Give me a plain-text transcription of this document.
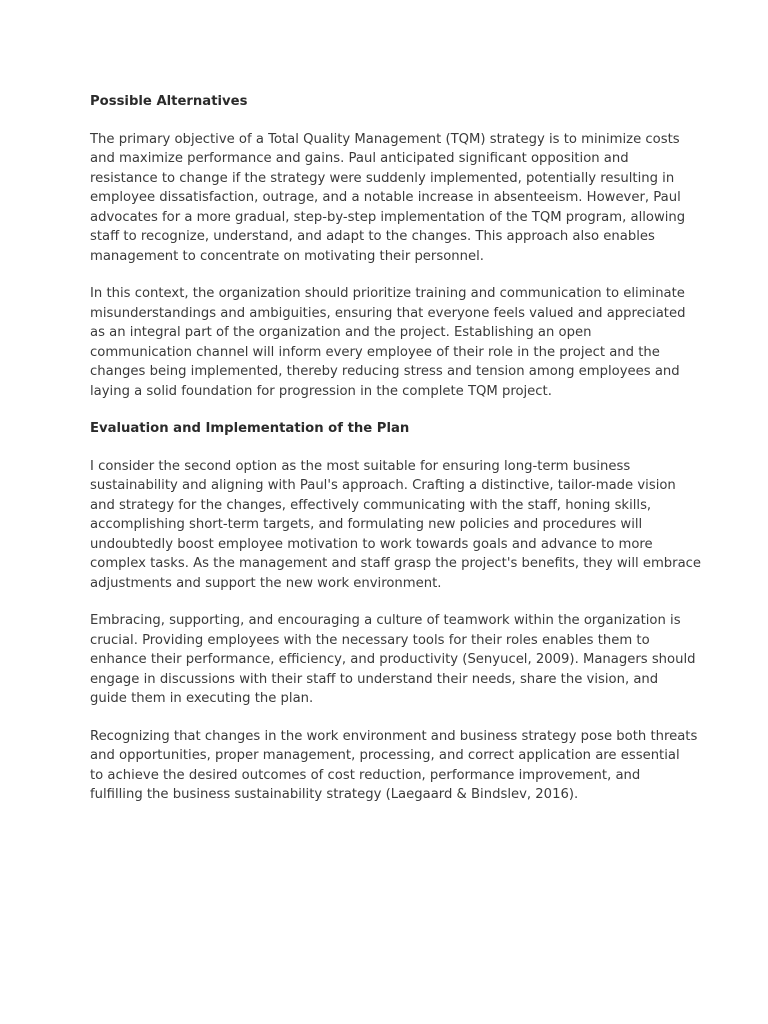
Possible Alternatives
The primary objective of a Total Quality Management (TQM) strategy is to minimize costs
and maximize performance and gains. Paul anticipated significant opposition and
resistance to change if the strategy were suddenly implemented, potentially resulting in
employee dissatisfaction, outrage, and a notable increase in absenteeism. However, Paul
advocates for a more gradual, step-by-step implementation of the TQM program, allowing
staff to recognize, understand, and adapt to the changes. This approach also enables
management to concentrate on motivating their personnel.
In this context, the organization should prioritize training and communication to eliminate
misunderstandings and ambiguities, ensuring that everyone feels valued and appreciated
as an integral part of the organization and the project. Establishing an open
communication channel will inform every employee of their role in the project and the
changes being implemented, thereby reducing stress and tension among employees and
laying a solid foundation for progression in the complete TQM project.
Evaluation and Implementation of the Plan
I consider the second option as the most suitable for ensuring long-term business
sustainability and aligning with Paul's approach. Crafting a distinctive, tailor-made vision
and strategy for the changes, effectively communicating with the staff, honing skills,
accomplishing short-term targets, and formulating new policies and procedures will
undoubtedly boost employee motivation to work towards goals and advance to more
complex tasks. As the management and staff grasp the project's benefits, they will embrace
adjustments and support the new work environment.
Embracing, supporting, and encouraging a culture of teamwork within the organization is
crucial. Providing employees with the necessary tools for their roles enables them to
enhance their performance, efficiency, and productivity (Senyucel, 2009). Managers should
engage in discussions with their staff to understand their needs, share the vision, and
guide them in executing the plan.
Recognizing that changes in the work environment and business strategy pose both threats
and opportunities, proper management, processing, and correct application are essential
to achieve the desired outcomes of cost reduction, performance improvement, and
fulfilling the business sustainability strategy (Laegaard & Bindslev, 2016).
